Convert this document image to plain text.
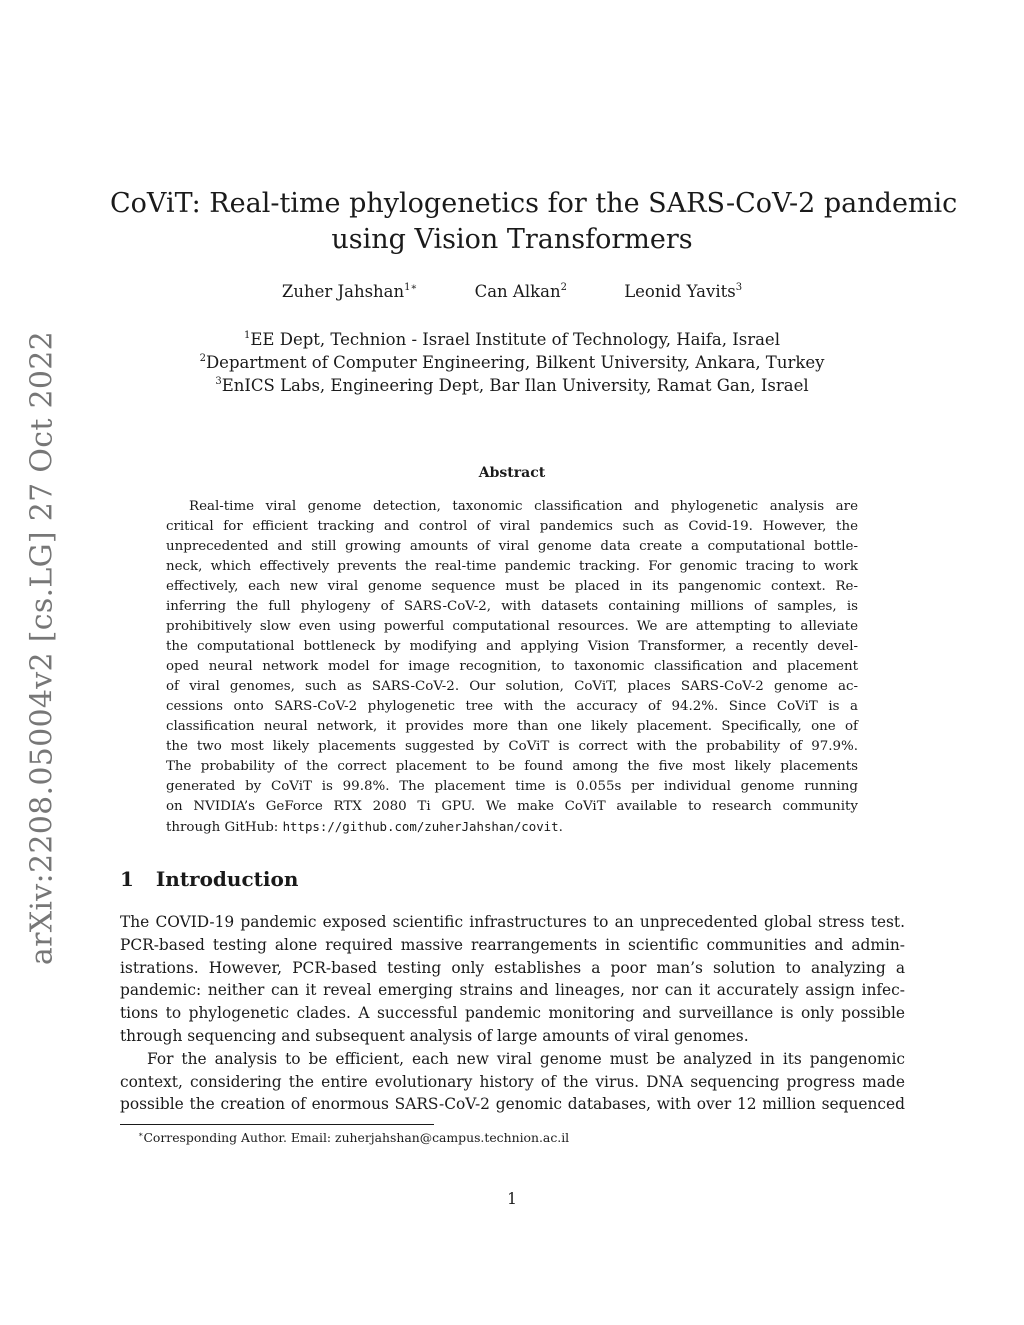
arXiv:2208.05004v2 [cs.LG] 27 Oct 2022
CoViT: Real-time phylogenetics for the SARS-CoV-2 pandemic
using Vision Transformers
Zuher Jahshan$^{1∗}$	Can Alkan$^2$	Leonid Yavits$^3$
$^1$EE Dept, Technion - Israel Institute of Technology, Haifa, Israel
$^2$Department of Computer Engineering, Bilkent University, Ankara, Turkey
$^3$EnICS Labs, Engineering Dept, Bar Ilan University, Ramat Gan, Israel
Abstract
Real-time viral genome detection, taxonomic classification and phylogenetic analysis are
critical for efficient tracking and control of viral pandemics such as Covid-19. However, the
unprecedented and still growing amounts of viral genome data create a computational bottle-
neck, which effectively prevents the real-time pandemic tracking. For genomic tracing to work
effectively, each new viral genome sequence must be placed in its pangenomic context. Re-
inferring the full phylogeny of SARS-CoV-2, with datasets containing millions of samples, is
prohibitively slow even using powerful computational resources. We are attempting to alleviate
the computational bottleneck by modifying and applying Vision Transformer, a recently devel-
oped neural network model for image recognition, to taxonomic classification and placement
of viral genomes, such as SARS-CoV-2. Our solution, CoViT, places SARS-CoV-2 genome ac-
cessions onto SARS-CoV-2 phylogenetic tree with the accuracy of 94.2%. Since CoViT is a
classification neural network, it provides more than one likely placement. Specifically, one of
the two most likely placements suggested by CoViT is correct with the probability of 97.9%.
The probability of the correct placement to be found among the five most likely placements
generated by CoViT is 99.8%. The placement time is 0.055s per individual genome running
on NVIDIA’s GeForce RTX 2080 Ti GPU. We make CoViT available to research community
through GitHub: https://github.com/zuherJahshan/covit.
1 Introduction
The COVID-19 pandemic exposed scientific infrastructures to an unprecedented global stress test.
PCR-based testing alone required massive rearrangements in scientific communities and admin-
istrations. However, PCR-based testing only establishes a poor man’s solution to analyzing a
pandemic: neither can it reveal emerging strains and lineages, nor can it accurately assign infec-
tions to phylogenetic clades. A successful pandemic monitoring and surveillance is only possible
through sequencing and subsequent analysis of large amounts of viral genomes.
For the analysis to be efficient, each new viral genome must be analyzed in its pangenomic
context, considering the entire evolutionary history of the virus. DNA sequencing progress made
possible the creation of enormous SARS-CoV-2 genomic databases, with over 12 million sequenced
∗Corresponding Author. Email: zuherjahshan@campus.technion.ac.il
1
